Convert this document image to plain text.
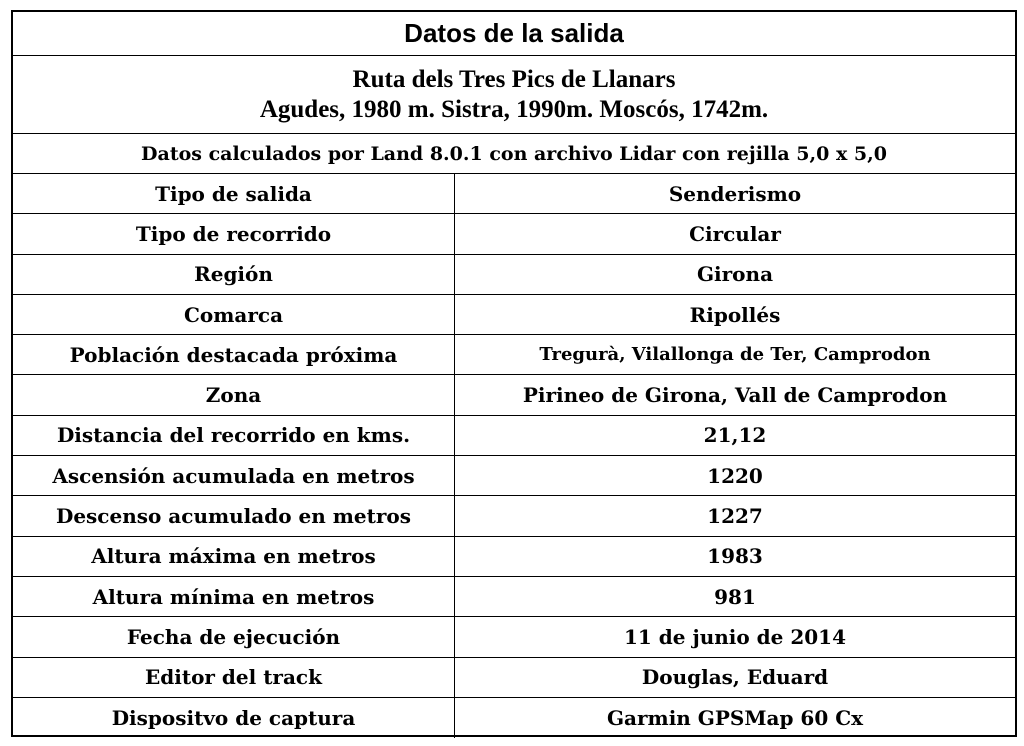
Datos de la salida
Ruta dels Tres Pics de Llanars
Agudes, 1980 m. Sistra, 1990m. Moscós, 1742m.
Datos calculados por Land 8.0.1 con archivo Lidar con rejilla 5,0 x 5,0
Tipo de salida	Senderismo
Tipo de recorrido	Circular
Región	Girona
Comarca	Ripollés
Población destacada próxima	Tregurà, Vilallonga de Ter, Camprodon
Zona	Pirineo de Girona, Vall de Camprodon
Distancia del recorrido en kms.	21,12
Ascensión acumulada en metros	1220
Descenso acumulado en metros	1227
Altura máxima en metros	1983
Altura mínima en metros	981
Fecha de ejecución	11 de junio de 2014
Editor del track	Douglas, Eduard
Dispositvo de captura	Garmin GPSMap 60 Cx
